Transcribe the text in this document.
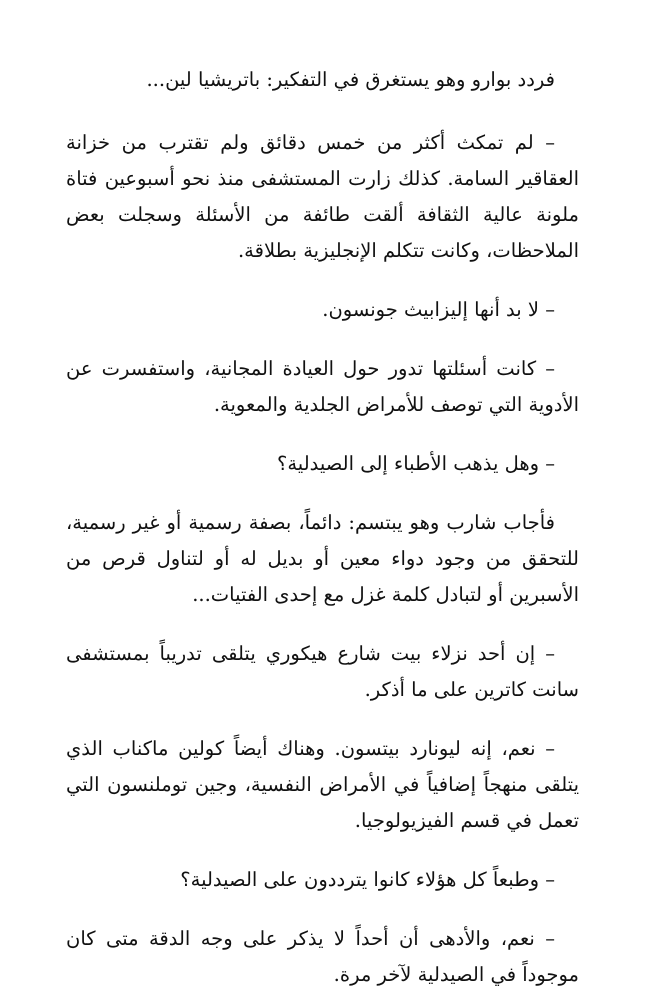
فردد بوارو وهو يستغرق في التفكير: باتريشيا لين...

– لم تمكث أكثر من خمس دقائق ولم تقترب من خزانة العقاقير السامة. كذلك زارت المستشفى منذ نحو أسبوعين فتاة ملونة عالية الثقافة ألقت طائفة من الأسئلة وسجلت بعض الملاحظات، وكانت تتكلم الإنجليزية بطلاقة.

– لا بد أنها إليزابيث جونسون.

– كانت أسئلتها تدور حول العيادة المجانية، واستفسرت عن الأدوية التي توصف للأمراض الجلدية والمعوية.

– وهل يذهب الأطباء إلى الصيدلية؟

فأجاب شارب وهو يبتسم: دائماً، بصفة رسمية أو غير رسمية، للتحقق من وجود دواء معين أو بديل له أو لتناول قرص من الأسبرين أو لتبادل كلمة غزل مع إحدى الفتيات...

– إن أحد نزلاء بيت شارع هيكوري يتلقى تدريباً بمستشفى سانت كاترين على ما أذكر.

– نعم، إنه ليونارد بيتسون. وهناك أيضاً كولين ماكناب الذي يتلقى منهجاً إضافياً في الأمراض النفسية، وجين توملنسون التي تعمل في قسم الفيزيولوجيا.

– وطبعاً كل هؤلاء كانوا يترددون على الصيدلية؟

– نعم، والأدهى أن أحداً لا يذكر على وجه الدقة متى كان موجوداً في الصيدلية لآخر مرة.
